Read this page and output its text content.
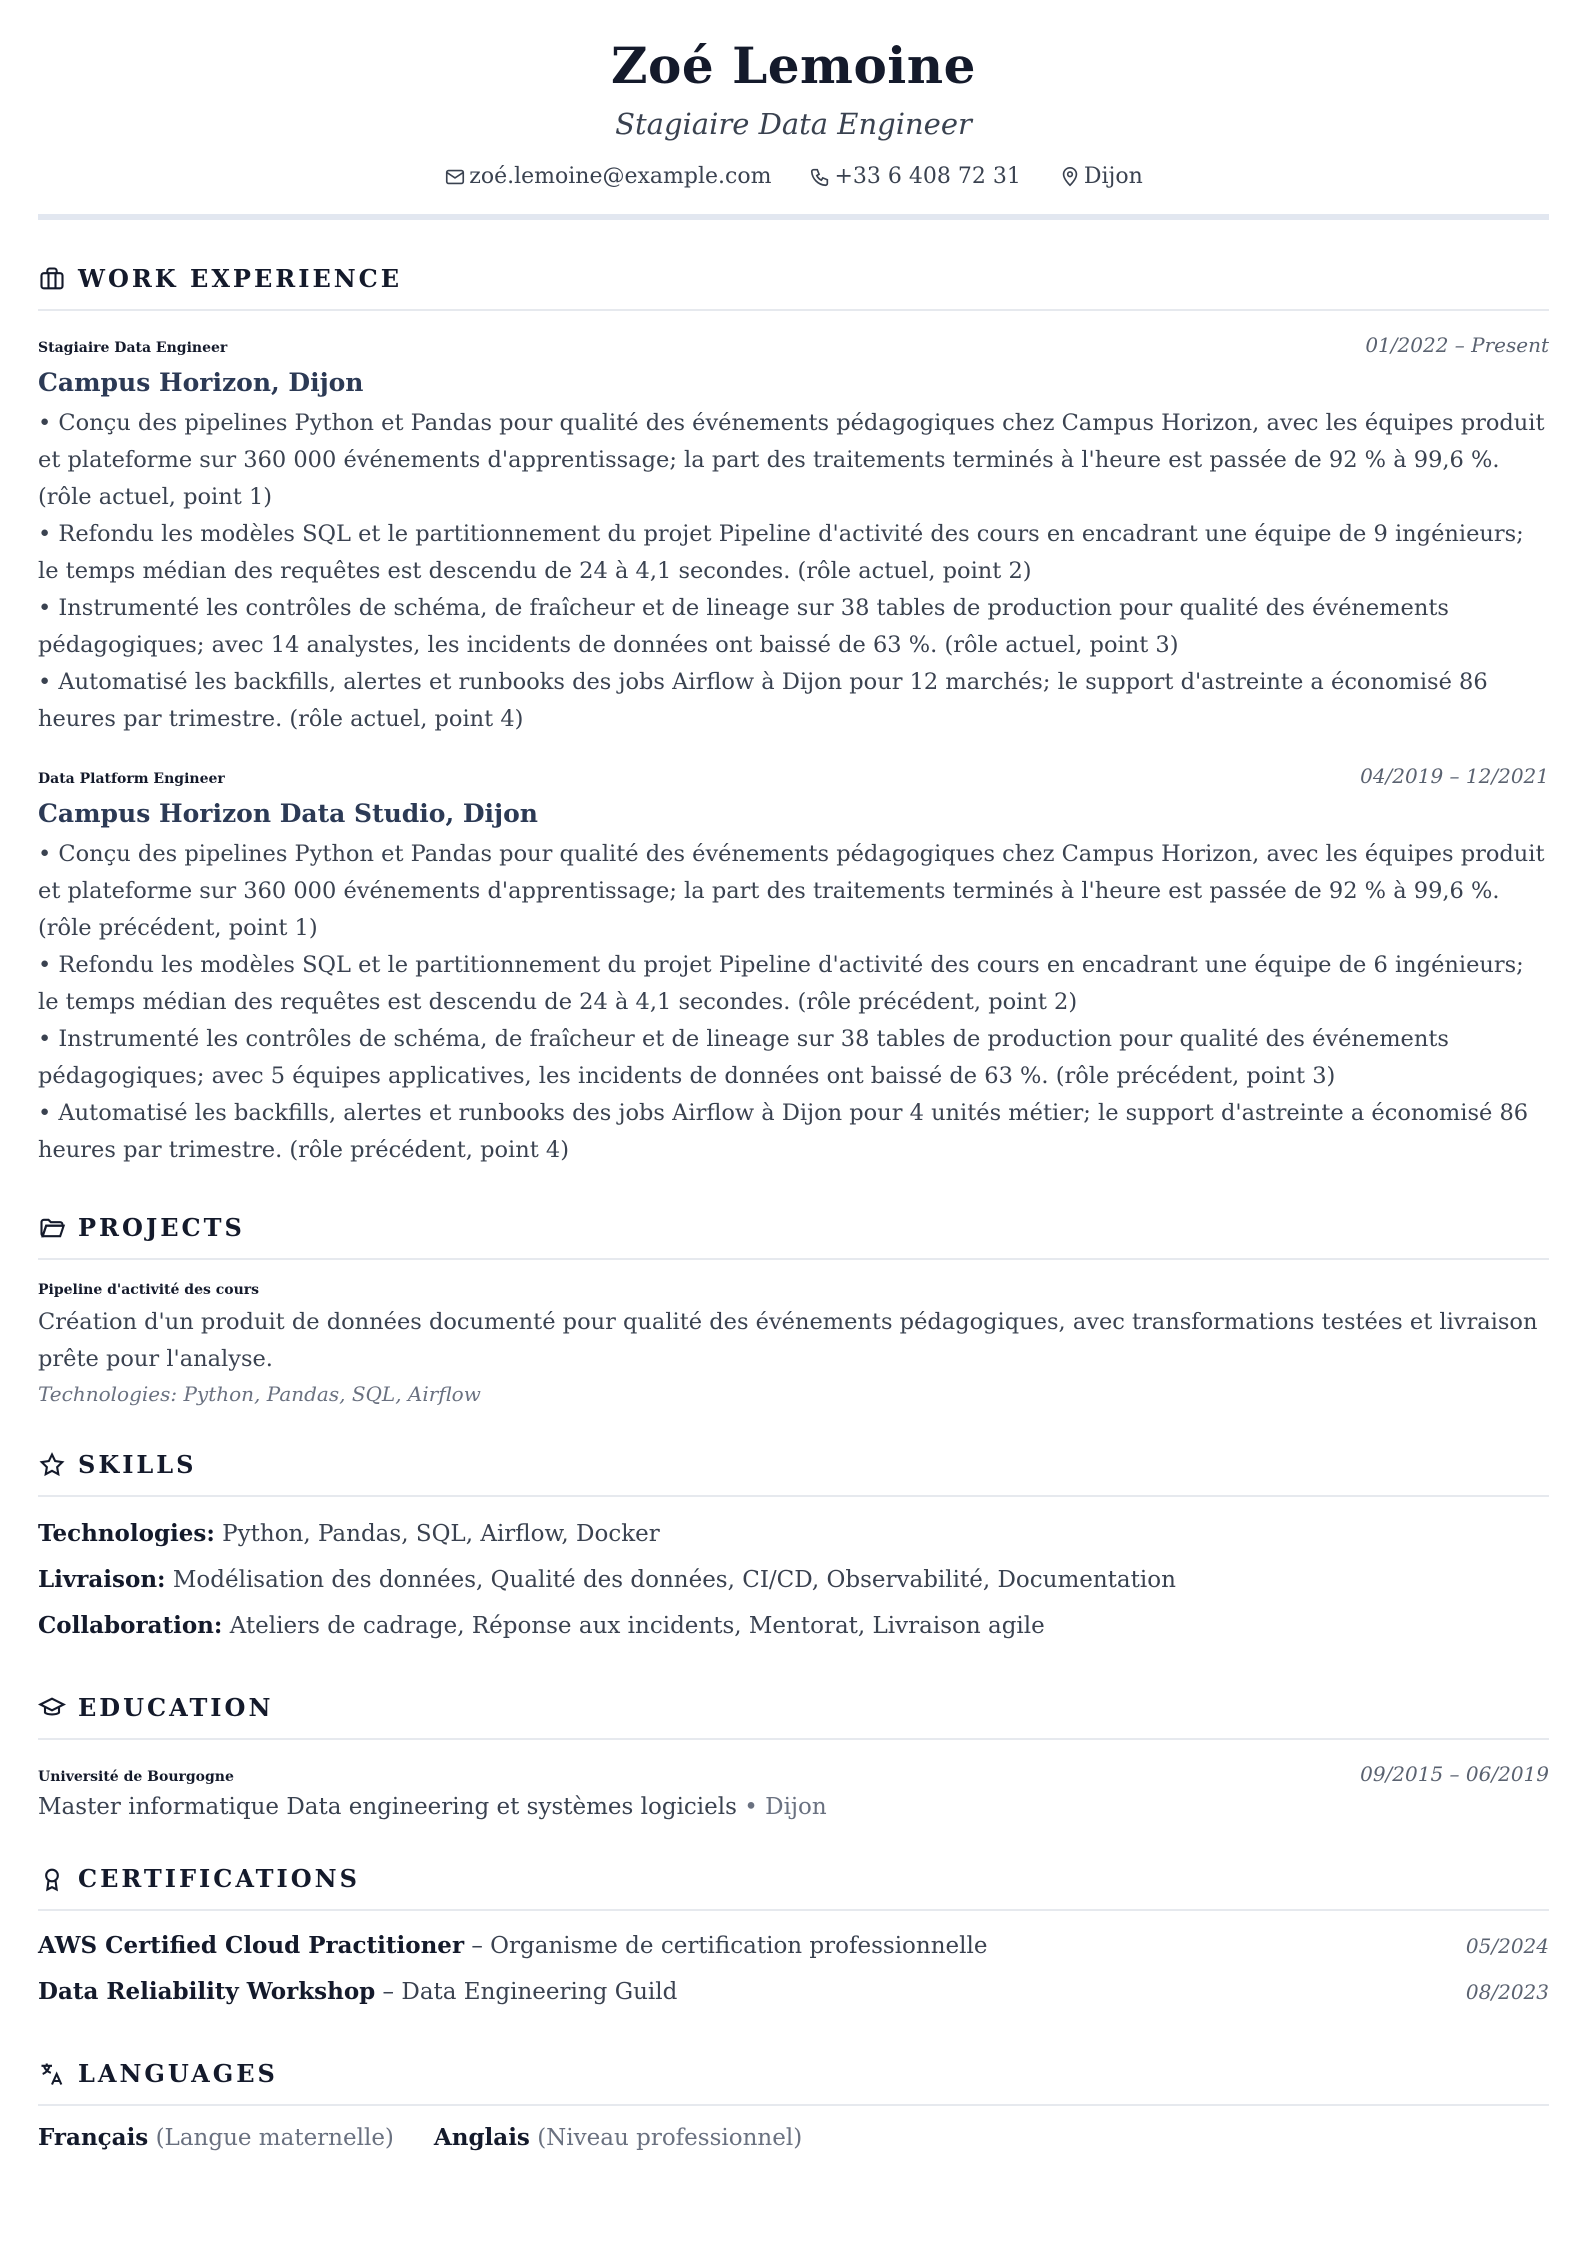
Zoé Lemoine
Stagiaire Data Engineer
zoé.lemoine@example.com	+33 6 408 72 31	Dijon
WORK EXPERIENCE
Stagiaire Data Engineer	01/2022 – Present
Campus Horizon, Dijon
• Conçu des pipelines Python et Pandas pour qualité des événements pédagogiques chez Campus Horizon, avec les équipes produit et plateforme sur 360 000 événements d'apprentissage; la part des traitements terminés à l'heure est passée de 92 % à 99,6 %. (rôle actuel, point 1)
• Refondu les modèles SQL et le partitionnement du projet Pipeline d'activité des cours en encadrant une équipe de 9 ingénieurs; le temps médian des requêtes est descendu de 24 à 4,1 secondes. (rôle actuel, point 2)
• Instrumenté les contrôles de schéma, de fraîcheur et de lineage sur 38 tables de production pour qualité des événements pédagogiques; avec 14 analystes, les incidents de données ont baissé de 63 %. (rôle actuel, point 3)
• Automatisé les backfills, alertes et runbooks des jobs Airflow à Dijon pour 12 marchés; le support d'astreinte a économisé 86 heures par trimestre. (rôle actuel, point 4)
Data Platform Engineer	04/2019 – 12/2021
Campus Horizon Data Studio, Dijon
• Conçu des pipelines Python et Pandas pour qualité des événements pédagogiques chez Campus Horizon, avec les équipes produit et plateforme sur 360 000 événements d'apprentissage; la part des traitements terminés à l'heure est passée de 92 % à 99,6 %. (rôle précédent, point 1)
• Refondu les modèles SQL et le partitionnement du projet Pipeline d'activité des cours en encadrant une équipe de 6 ingénieurs; le temps médian des requêtes est descendu de 24 à 4,1 secondes. (rôle précédent, point 2)
• Instrumenté les contrôles de schéma, de fraîcheur et de lineage sur 38 tables de production pour qualité des événements pédagogiques; avec 5 équipes applicatives, les incidents de données ont baissé de 63 %. (rôle précédent, point 3)
• Automatisé les backfills, alertes et runbooks des jobs Airflow à Dijon pour 4 unités métier; le support d'astreinte a économisé 86 heures par trimestre. (rôle précédent, point 4)
PROJECTS
Pipeline d'activité des cours
Création d'un produit de données documenté pour qualité des événements pédagogiques, avec transformations testées et livraison prête pour l'analyse.
Technologies: Python, Pandas, SQL, Airflow
SKILLS
Technologies: Python, Pandas, SQL, Airflow, Docker
Livraison: Modélisation des données, Qualité des données, CI/CD, Observabilité, Documentation
Collaboration: Ateliers de cadrage, Réponse aux incidents, Mentorat, Livraison agile
EDUCATION
Université de Bourgogne	09/2015 – 06/2019
Master informatique Data engineering et systèmes logiciels • Dijon
CERTIFICATIONS
AWS Certified Cloud Practitioner – Organisme de certification professionnelle	05/2024
Data Reliability Workshop – Data Engineering Guild	08/2023
LANGUAGES
Français (Langue maternelle) Anglais (Niveau professionnel)
